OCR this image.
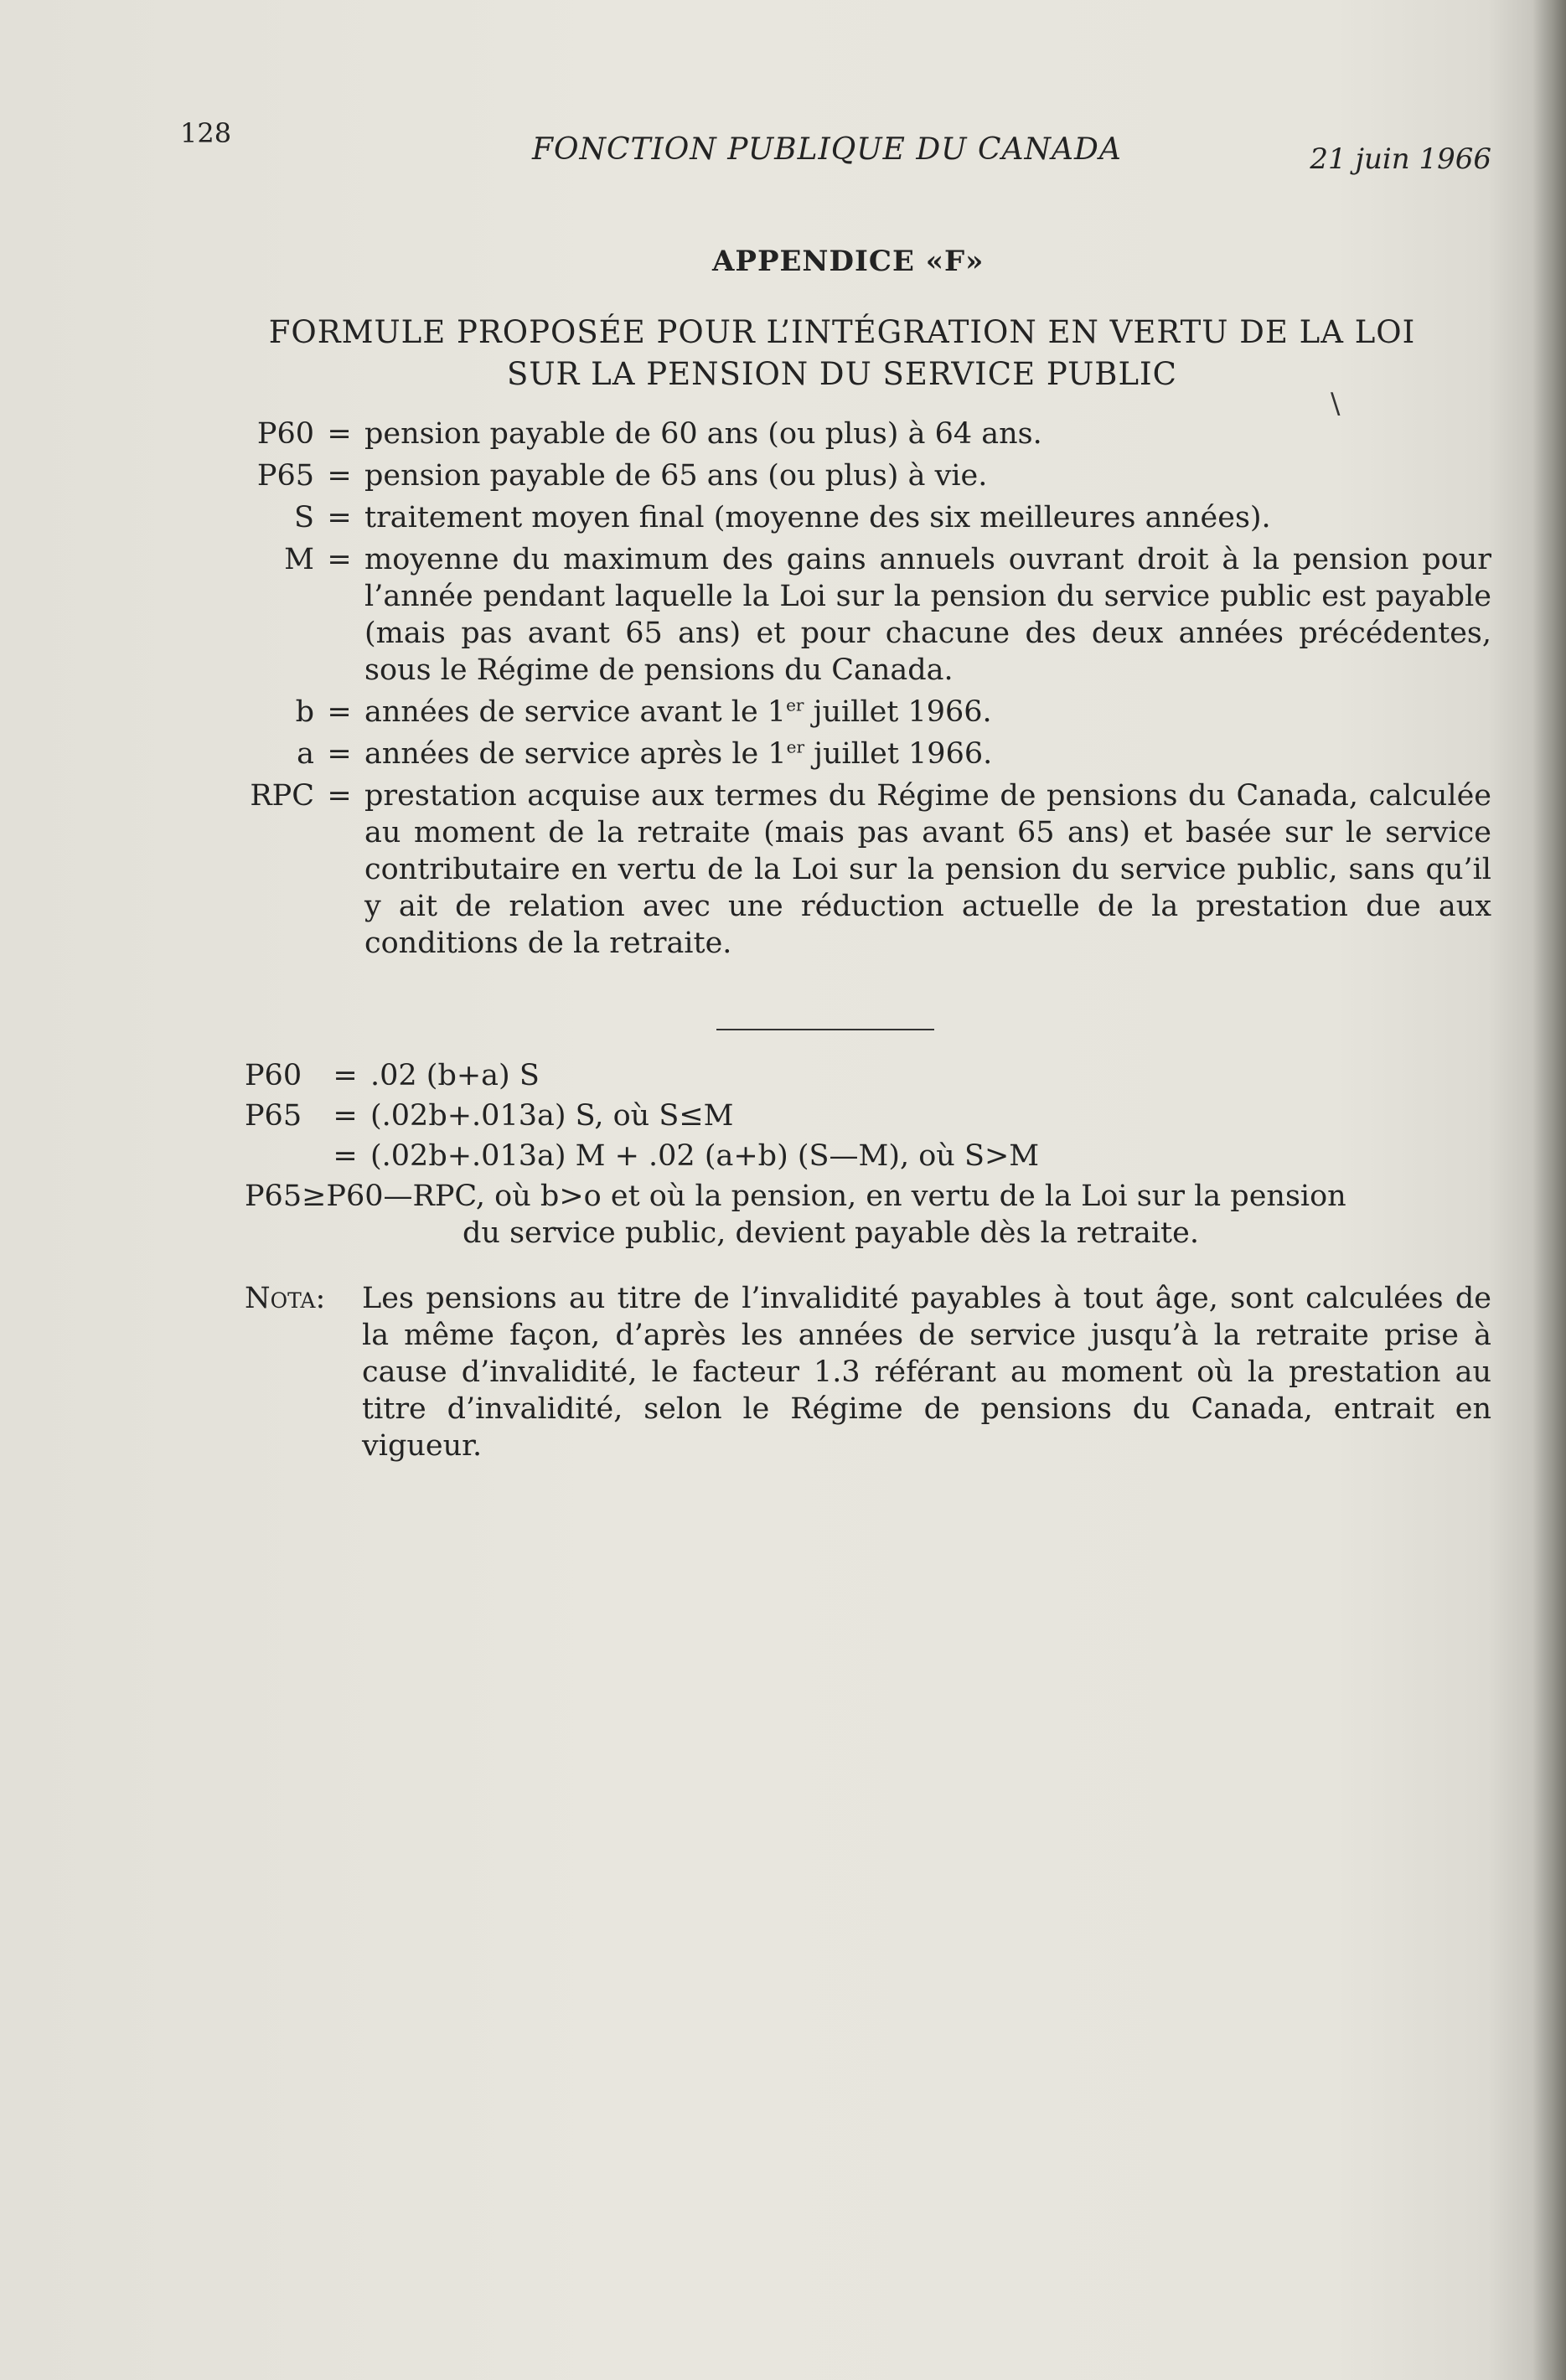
128	FONCTION PUBLIQUE DU CANADA	21 juin 1966
APPENDICE «F»
FORMULE PROPOSÉE POUR L’INTÉGRATION EN VERTU DE LA LOI
SUR LA PENSION DU SERVICE PUBLIC
\
P60 = pension payable de 60 ans (ou plus) à 64 ans.
P65 = pension payable de 65 ans (ou plus) à vie.
S = traitement moyen final (moyenne des six meilleures années).
M = moyenne du maximum des gains annuels ouvrant droit à la pension pour l’année pendant laquelle la Loi sur la pension du service public est payable (mais pas avant 65 ans) et pour chacune des deux années précédentes, sous le Régime de pensions du Canada.
b = années de service avant le 1er juillet 1966.
a = années de service après le 1er juillet 1966.
RPC = prestation acquise aux termes du Régime de pensions du Canada, calculée au moment de la retraite (mais pas avant 65 ans) et basée sur le service contributaire en vertu de la Loi sur la pension du service public, sans qu’il y ait de relation avec une réduction actuelle de la prestation due aux conditions de la retraite.
P60	= .02 (b+a) S
P65	= (.02b+.013a) S, où S≤M
= (.02b+.013a) M + .02 (a+b) (S—M), où S>M
P65≥P60—RPC, où b>o et où la pension, en vertu de la Loi sur la pension
du service public, devient payable dès la retraite.
Nota:	Les pensions au titre de l’invalidité payables à tout âge, sont calculées de la même façon, d’après les années de service jusqu’à la retraite prise à cause d’invalidité, le facteur 1.3 référant au moment où la prestation au titre d’invalidité, selon le Régime de pensions du Canada, entrait en vigueur.
